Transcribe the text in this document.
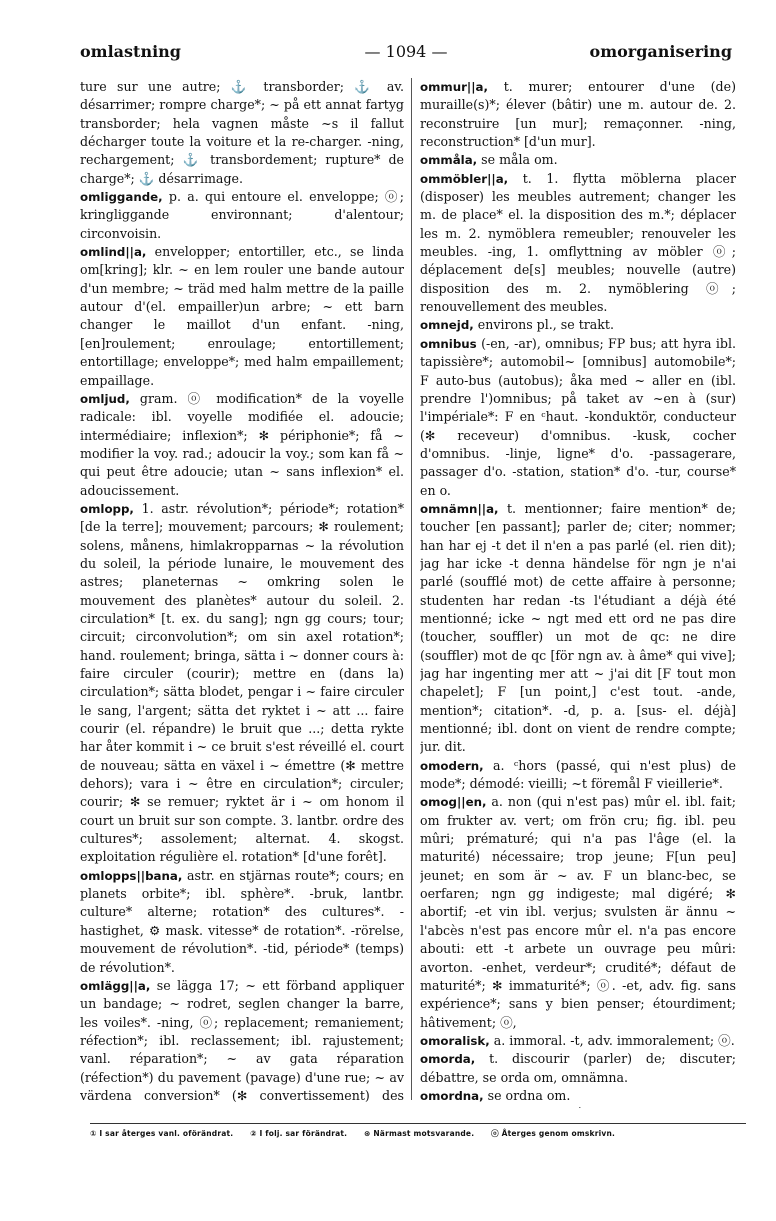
omlastning	— 1094 —	omorganisering

ture sur une autre; ⚓ transborder; ⚓ av. désarrimer; rompre charge*; ~ på ett annat fartyg transborder; hela vagnen måste ~s il fallut décharger toute la voiture et la re-charger. -ning, rechargement; ⚓ transbordement; rupture* de charge*; ⚓ désarrimage.

omliggande, p. a. qui entoure el. enveloppe; ⓞ; kringliggande environnant; d'alentour; circonvoisin.

omlind||a, envelopper; entortiller, etc., se linda om[kring]; klr. ~ en lem rouler une bande autour d'un membre; ~ träd med halm mettre de la paille autour d'(el. empailler)un arbre; ~ ett barn changer le maillot d'un enfant. -ning, [en]roulement; enroulage; entortillement; entortillage; enveloppe*; med halm empaillement; empaillage.

omljud, gram. ⓞ modification* de la voyelle radicale: ibl. voyelle modifiée el. adoucie; intermédiaire; inflexion*; ✻ périphonie*; få ~ modifier la voy. rad.; adoucir la voy.; som kan få ~ qui peut être adoucie; utan ~ sans inflexion* el. adoucissement.

omlopp, 1. astr. révolution*; période*; rotation* [de la terre]; mouvement; parcours; ✻ roulement; solens, månens, himlakropparnas ~ la révolution du soleil, la période lunaire, le mouvement des astres; planeternas ~ omkring solen le mouvement des planètes* autour du soleil. 2. circulation* [t. ex. du sang]; ngn gg cours; tour; circuit; circonvolution*; om sin axel rotation*; hand. roulement; bringa, sätta i ~ donner cours à: faire circuler (courir); mettre en (dans la) circulation*; sätta blodet, pengar i ~ faire circuler le sang, l'argent; sätta det ryktet i ~ att ... faire courir (el. répandre) le bruit que ...; detta rykte har åter kommit i ~ ce bruit s'est réveillé el. court de nouveau; sätta en växel i ~ émettre (✻ mettre dehors); vara i ~ être en circulation*; circuler; courir; ✻ se remuer; ryktet är i ~ om honom il court un bruit sur son compte. 3. lantbr. ordre des cultures*; assolement; alternat. 4. skogst. exploitation régulière el. rotation* [d'une forêt].

omlopps||bana, astr. en stjärnas route*; cours; en planets orbite*; ibl. sphère*. -bruk, lantbr. culture* alterne; rotation* des cultures*. -hastighet, ⚙ mask. vitesse* de rotation*. -rörelse, mouvement de révolution*. -tid, période* (temps) de révolution*.

omlägg||a, se lägga 17; ~ ett förband appliquer un bandage; ~ rodret, seglen changer la barre, les voiles*. -ning, ⓞ; replacement; remaniement; réfection*; ibl. reclassement; ibl. rajustement; vanl. réparation*; ~ av gata réparation (réfection*) du pavement (pavage) d'une rue; ~ av värdena conversion* (✻ convertissement) des

ommur||a, t. murer; entourer d'une (de) muraille(s)*; élever (bâtir) une m. autour de. 2. reconstruire [un mur]; remaçonner. -ning, reconstruction* [d'un mur].

ommåla, se måla om.

ommöbler||a, t. 1. flytta möblerna placer (disposer) les meubles autrement; changer les m. de place* el. la disposition des m.*; déplacer les m. 2. nymöblera remeubler; renouveler les meubles. -ing, 1. omflyttning av möbler ⓞ; déplacement de[s] meubles; nouvelle (autre) disposition des m. 2. nymöblering ⓞ; renouvellement des meubles.

omnejd, environs pl., se trakt.

omnibus (-en, -ar), omnibus; FP bus; att hyra ibl. tapissière*; automobil~ [omnibus] automobile*; F auto-bus (autobus); åka med ~ aller en (ibl. prendre l')omnibus; på taket av ~en à (sur) l'impériale*: F en ᶜhaut. -konduktör, conducteur (✻ receveur) d'omnibus. -kusk, cocher d'omnibus. -linje, ligne* d'o. -passagerare, passager d'o. -station, station* d'o. -tur, course* en o.

omnämn||a, t. mentionner; faire mention* de; toucher [en passant]; parler de; citer; nommer; han har ej -t det il n'en a pas parlé (el. rien dit); jag har icke -t denna händelse för ngn je n'ai parlé (soufflé mot) de cette affaire à personne; studenten har redan -ts l'étudiant a déjà été mentionné; icke ~ ngt med ett ord ne pas dire (toucher, souffler) un mot de qc: ne dire (souffler) mot de qc [för ngn av. à âme* qui vive]; jag har ingenting mer att ~ j'ai dit [F tout mon chapelet]; F [un point,] c'est tout. -ande, mention*; citation*. -d, p. a. [sus- el. déjà] mentionné; ibl. dont on vient de rendre compte; jur. dit.

omodern, a. ᶜhors (passé, qui n'est plus) de mode*; démodé: vieilli; ~t föremål F vieillerie*.

omog||en, a. non (qui n'est pas) mûr el. ibl. fait; om frukter av. vert; om frön cru; fig. ibl. peu mûri; prématuré; qui n'a pas l'âge (el. la maturité) nécessaire; trop jeune; F[un peu] jeunet; en som är ~ av. F un blanc-bec, se oerfaren; ngn gg indigeste; mal digéré; ✻ abortif; -et vin ibl. verjus; svulsten är ännu ~ l'abcès n'est pas encore mûr el. n'a pas encore abouti: ett -t arbete un ouvrage peu mûri: avorton. -enhet, verdeur*; crudité*; défaut de maturité*; ✻ immaturité*; ⓞ. -et, adv. fig. sans expérience*; sans y bien penser; étourdiment; hâtivement; ⓞ,

omoralisk, a. immoral. -t, adv. immoralement; ⓞ.

omorda, t. discourir (parler) de; discuter; débattre, se orda om, omnämna.

omordna, se ordna om.

① I sar återges vanl. oförändrat. ② I folj. sar förändrat. ⊛ Närmast motsvarande. ⓞ Återges genom omskrivn.
